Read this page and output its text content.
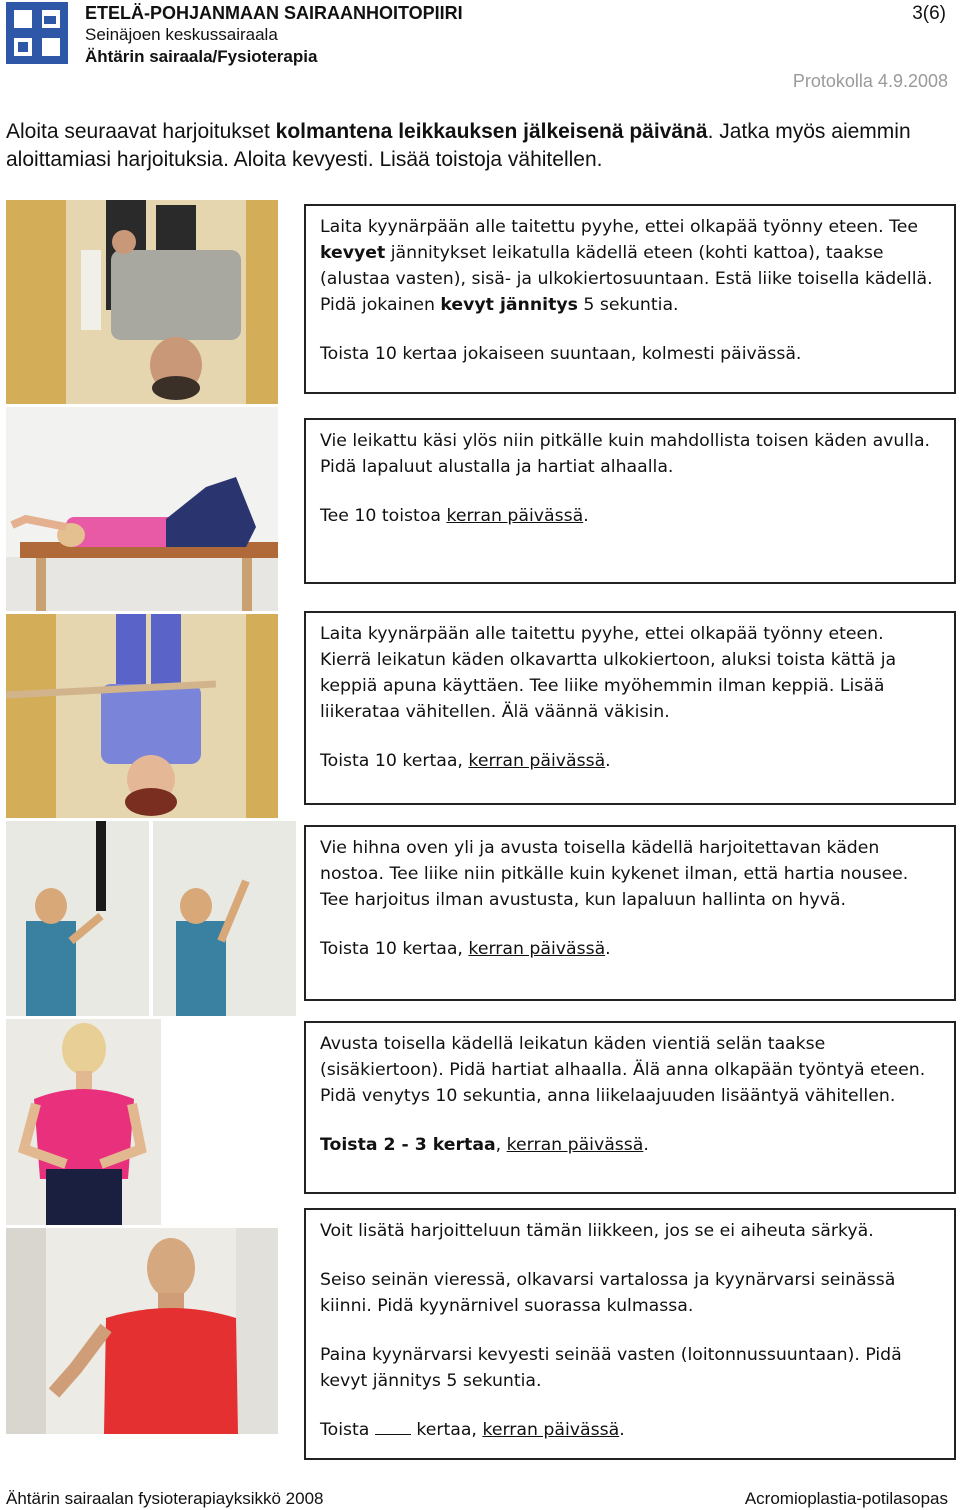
ETELÄ-POHJANMAAN SAIRAANHOITOPIIRI
Seinäjoen keskussairaala
Ähtärin sairaala/Fysioterapia
3(6)
Protokolla 4.9.2008
Aloita seuraavat harjoitukset kolmantena leikkauksen jälkeisenä päivänä. Jatka myös aiemmin aloittamiasi harjoituksia. Aloita kevyesti. Lisää toistoja vähitellen.

Laita kyynärpään alle taitettu pyyhe, ettei olkapää työnny eteen. Tee kevyet jännitykset leikatulla kädellä eteen (kohti kattoa), taakse (alustaa vasten), sisä- ja ulkokiertosuuntaan. Estä liike toisella kädellä. Pidä jokainen kevyt jännitys 5 sekuntia.

Toista 10 kertaa jokaiseen suuntaan, kolmesti päivässä.

Vie leikattu käsi ylös niin pitkälle kuin mahdollista toisen käden avulla. Pidä lapaluut alustalla ja hartiat alhaalla.

Tee 10 toistoa kerran päivässä.

Laita kyynärpään alle taitettu pyyhe, ettei olkapää työnny eteen. Kierrä leikatun käden olkavartta ulkokiertoon, aluksi toista kättä ja keppiä apuna käyttäen. Tee liike myöhemmin ilman keppiä. Lisää liikerataa vähitellen. Älä väännä väkisin.

Toista 10 kertaa, kerran päivässä.

Vie hihna oven yli ja avusta toisella kädellä harjoitettavan käden nostoa. Tee liike niin pitkälle kuin kykenet ilman, että hartia nousee. Tee harjoitus ilman avustusta, kun lapaluun hallinta on hyvä.

Toista 10 kertaa, kerran päivässä.

Avusta toisella kädellä leikatun käden vientiä selän taakse (sisäkiertoon). Pidä hartiat alhaalla. Älä anna olkapään työntyä eteen. Pidä venytys 10 sekuntia, anna liikelaajuuden lisääntyä vähitellen.

Toista 2 - 3 kertaa, kerran päivässä.

Voit lisätä harjoitteluun tämän liikkeen, jos se ei aiheuta särkyä.

Seiso seinän vieressä, olkavarsi vartalossa ja kyynärvarsi seinässä kiinni. Pidä kyynärnivel suorassa kulmassa.

Paina kyynärvarsi kevyesti seinää vasten (loitonnussuuntaan). Pidä kevyt jännitys 5 sekuntia.

Toista  kertaa, kerran päivässä.

Ähtärin sairaalan fysioterapiayksikkö 2008	Acromioplastia-potilasopas
